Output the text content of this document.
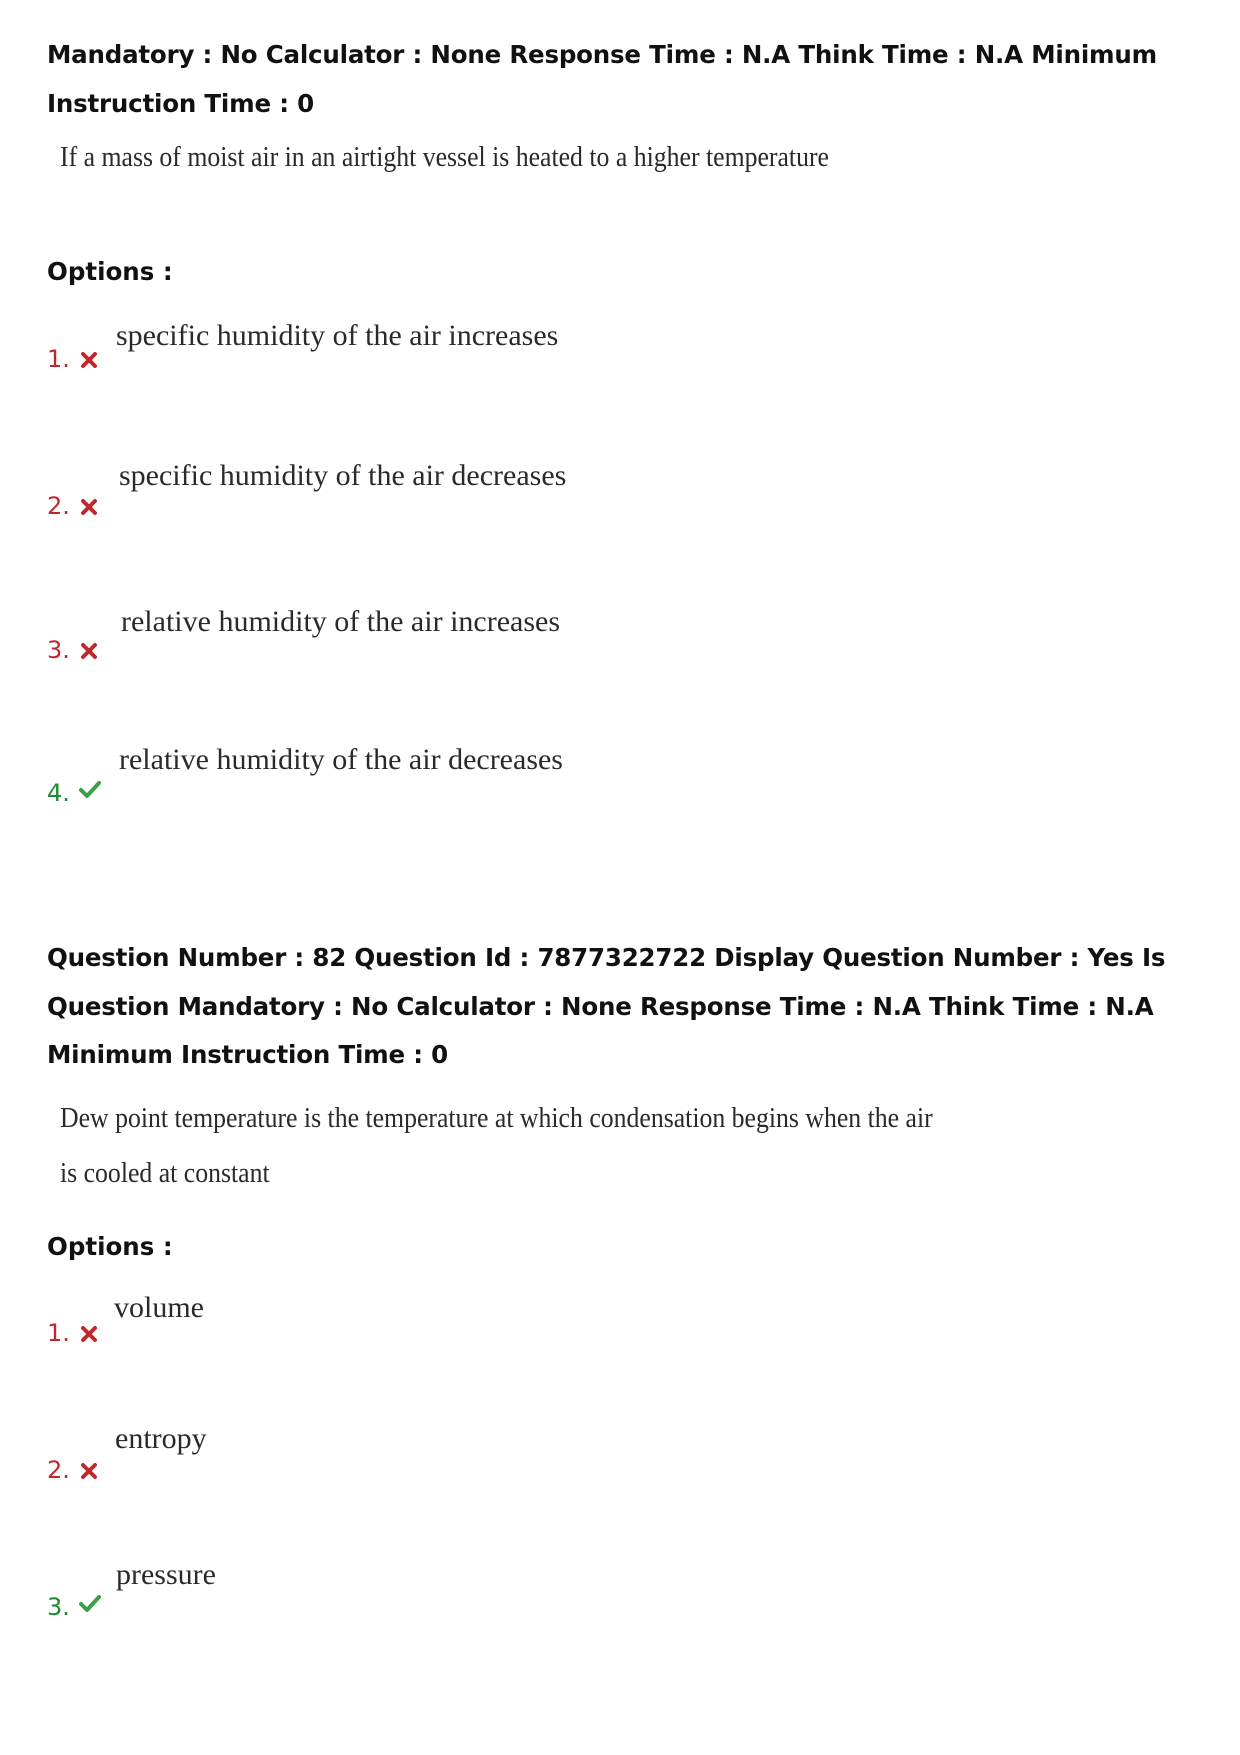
Mandatory : No Calculator : None Response Time : N.A Think Time : N.A Minimum Instruction Time : 0
If a mass of moist air in an airtight vessel is heated to a higher temperature
Options :
1.
specific humidity of the air increases
2.
specific humidity of the air decreases
3.
relative humidity of the air increases
4.
relative humidity of the air decreases
Question Number : 82 Question Id : 7877322722 Display Question Number : Yes Is Question Mandatory : No Calculator : None Response Time : N.A Think Time : N.A Minimum Instruction Time : 0
Dew point temperature is the temperature at which condensation begins when the air
is cooled at constant
Options :
1.
volume
2.
entropy
3.
pressure
